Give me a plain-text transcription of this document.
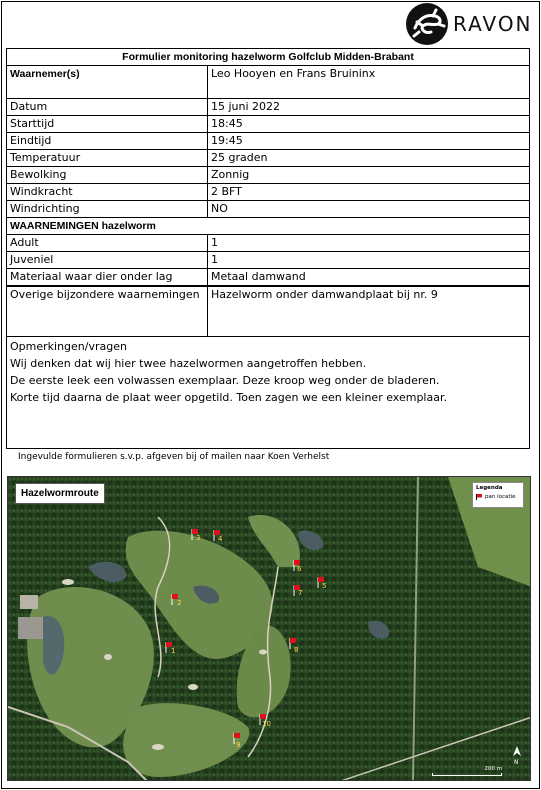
RAVON
Formulier monitoring hazelworm Golfclub Midden-Brabant	
Waarnemer(s)	Leo Hooyen en Frans Bruininx
Datum	15 juni 2022
Starttijd	18:45
Eindtijd	19:45
Temperatuur	25 graden
Bewolking	Zonnig
Windkracht	2 BFT
Windrichting	NO
WAARNEMINGEN hazelworm	
Adult	1
Juveniel	1
Materiaal waar dier onder lag	Metaal damwand
Overige bijzondere waarnemingen	Hazelworm onder damwandplaat bij nr. 9

Opmerkingen/vragen
Wij denken dat wij hier twee hazelwormen aangetroffen hebben.
De eerste leek een volwassen exemplaar. Deze kroop weg onder de bladeren.
Korte tijd daarna de plaat weer opgetild. Toen zagen we een kleiner exemplaar.	
Ingevulde formulieren s.v.p. afgeven bij of mailen naar Koen Verhelst
1
2
3	4
5
6
7
8
9
10
Hazelwormroute	Legenda
pan locatie
200 m
N
